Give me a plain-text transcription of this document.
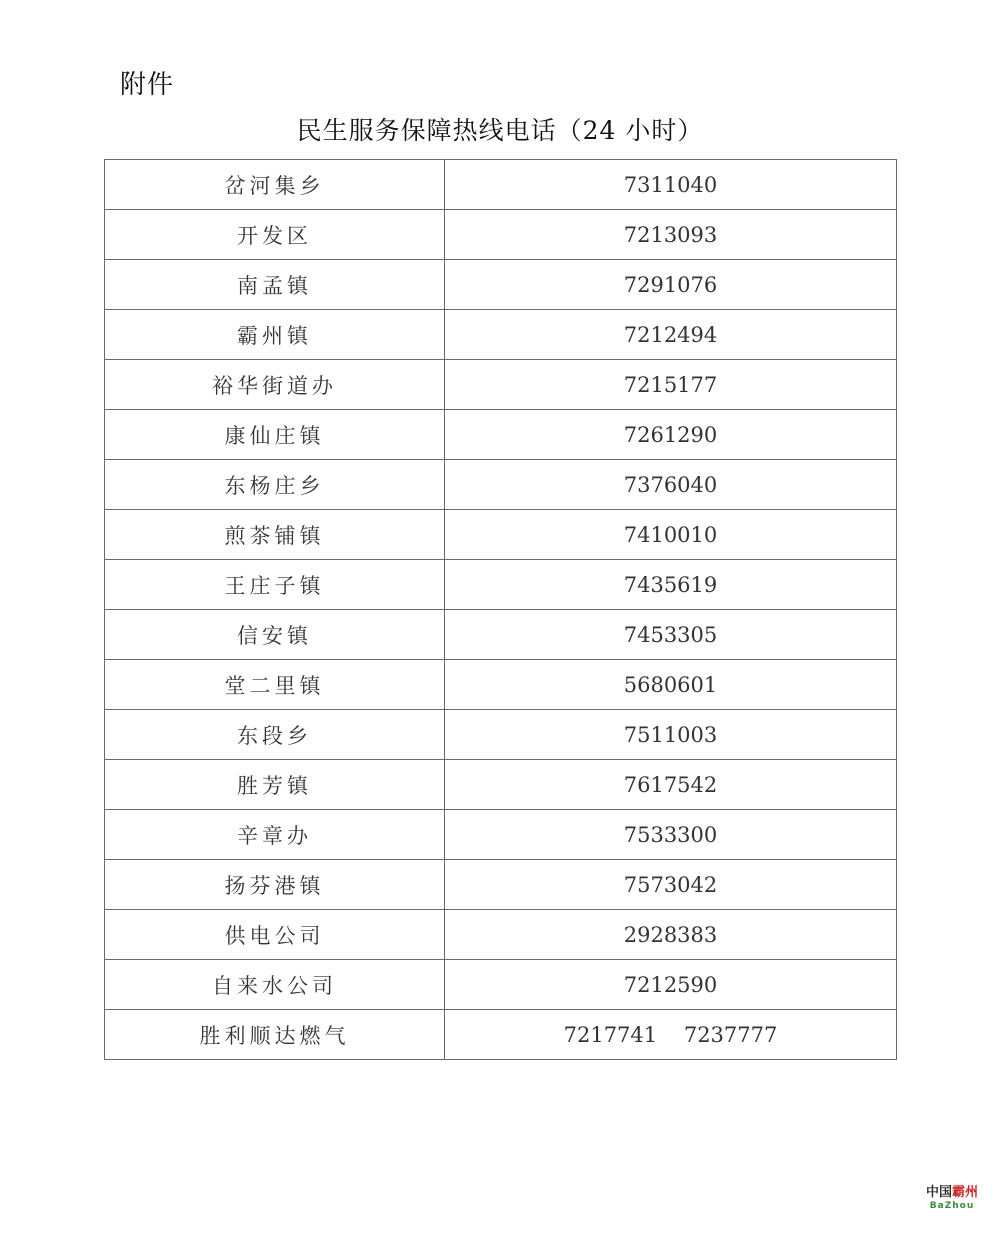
附件
民生服务保障热线电话（24 小时）
岔河集乡	7311040
开发区	7213093
南孟镇	7291076
霸州镇	7212494
裕华街道办	7215177
康仙庄镇	7261290
东杨庄乡	7376040
煎茶铺镇	7410010
王庄子镇	7435619
信安镇	7453305
堂二里镇	5680601
东段乡	7511003
胜芳镇	7617542
辛章办	7533300
扬芬港镇	7573042
供电公司	2928383
自来水公司	7212590
胜利顺达燃气	7217741    7237777
中国霸州
BaZhou
